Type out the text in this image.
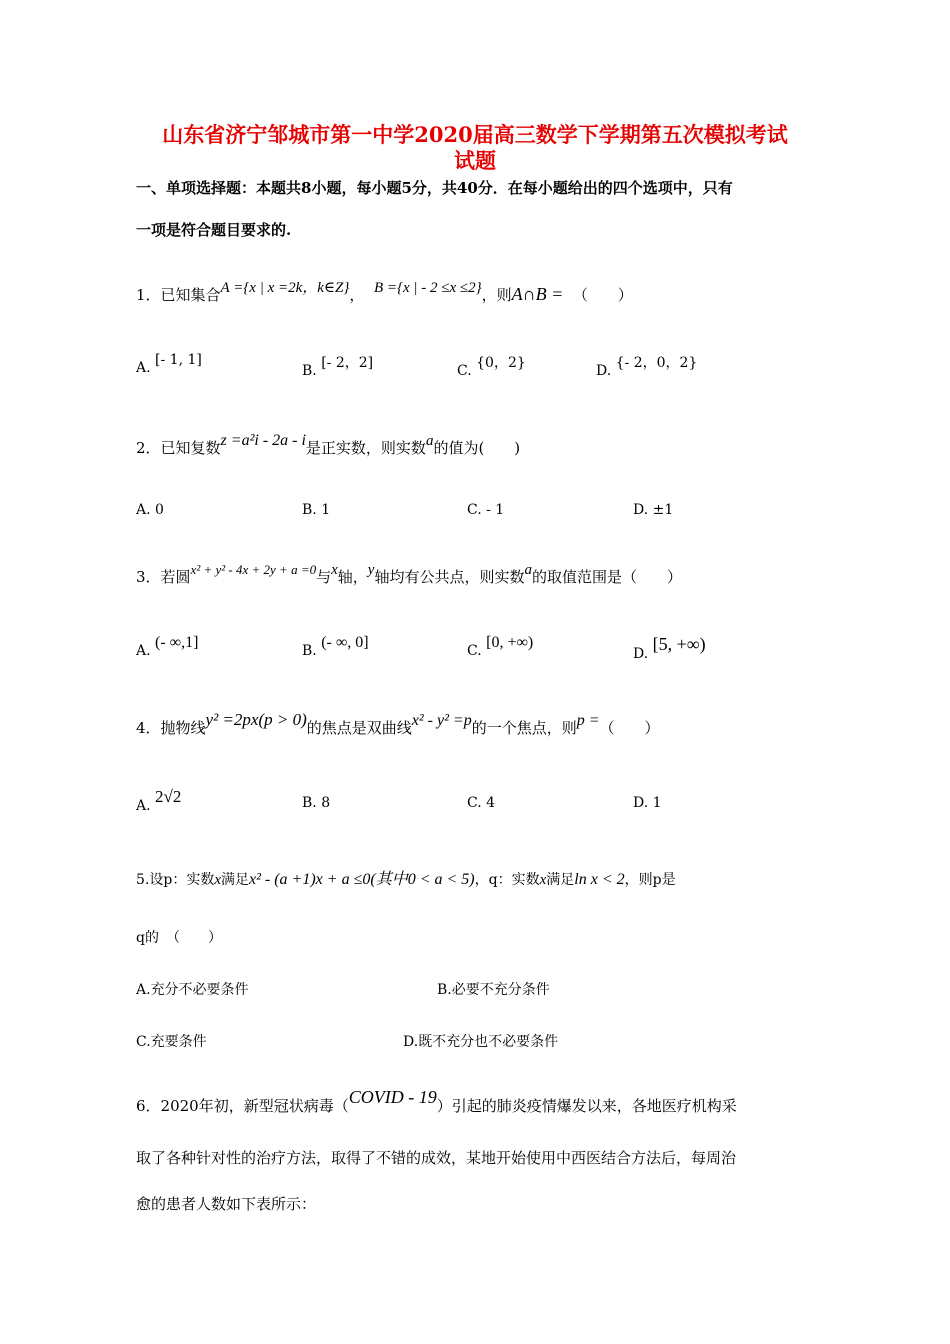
山东省济宁邹城市第一中学2020届高三数学下学期第五次模拟考试
试题
一、单项选择题：本题共8小题，每小题5分，共40分．在每小题给出的四个选项中，只有
一项是符合题目要求的.
1．已知集合A ={x | x =2k，k∈Z}， B ={x | - 2 ≤x ≤2}，则A∩B = （　　）
A. [- 1, 1]
B. [- 2，2]	C. {0，2}	D. {- 2，0，2}
2．已知复数z =a²i - 2a - i是正实数，则实数a的值为(　　)
A. 0	B. 1	C. - 1	D. ±1
3．若圆x² + y² - 4x + 2y + a =0与x轴，y轴均有公共点，则实数a的取值范围是（　　）
A. (- ∞,1]	B. (- ∞, 0]	C. [0, +∞)
D. [5, +∞)
4．抛物线y² =2px(p > 0)的焦点是双曲线x² - y² =p的一个焦点，则p =（　　）
A. 2√2	B. 8	C. 4	D. 1
5.设p：实数x满足x² - (a +1)x + a ≤0(其中0 < a < 5)，q：实数x满足ln x < 2，则p是
q的　（　　）
A.充分不必要条件	B.必要不充分条件
C.充要条件	D.既不充分也不必要条件
6．2020年初，新型冠状病毒（COVID - 19）引起的肺炎疫情爆发以来，各地医疗机构采
取了各种针对性的治疗方法，取得了不错的成效，某地开始使用中西医结合方法后，每周治
愈的患者人数如下表所示：
